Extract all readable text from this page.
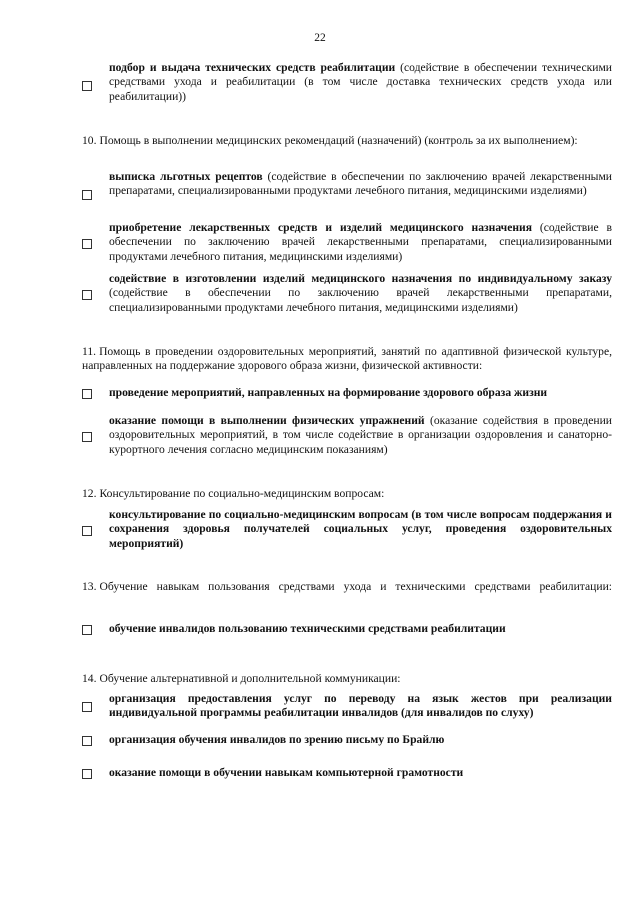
22
подбор и выдача технических средств реабилитации (содействие в обеспечении техническими средствами ухода и реабилитации (в том числе доставка технических средств ухода или реабилитации))
10. Помощь в выполнении медицинских рекомендаций (назначений) (контроль за их выполнением):
выписка льготных рецептов (содействие в обеспечении по заключению врачей лекарственными препаратами, специализированными продуктами лечебного питания, медицинскими изделиями)
приобретение лекарственных средств и изделий медицинского назначения (содействие в обеспечении по заключению врачей лекарственными препаратами, специализированными продуктами лечебного питания, медицинскими изделиями)
содействие в изготовлении изделий медицинского назначения по индивидуальному заказу (содействие в обеспечении по заключению врачей лекарственными препаратами, специализированными продуктами лечебного питания, медицинскими изделиями)
11. Помощь в проведении оздоровительных мероприятий, занятий по адаптивной физической культуре, направленных на поддержание здорового образа жизни, физической активности:
проведение мероприятий, направленных на формирование здорового образа жизни
оказание помощи в выполнении физических упражнений (оказание содействия в проведении оздоровительных мероприятий, в том числе содействие в организации оздоровления и санаторно-курортного лечения согласно медицинским показаниям)
12. Консультирование по социально-медицинским вопросам:
консультирование по социально-медицинским вопросам (в том числе вопросам поддержания и сохранения здоровья получателей социальных услуг, проведения оздоровительных мероприятий)
13. Обучение навыкам пользования средствами ухода и техническими средствами реабилитации:
обучение инвалидов пользованию техническими средствами реабилитации
14. Обучение альтернативной и дополнительной коммуникации:
организация предоставления услуг по переводу на язык жестов при реализации индивидуальной программы реабилитации инвалидов (для инвалидов по слуху)
организация обучения инвалидов по зрению письму по Брайлю
оказание помощи в обучении навыкам компьютерной грамотности
